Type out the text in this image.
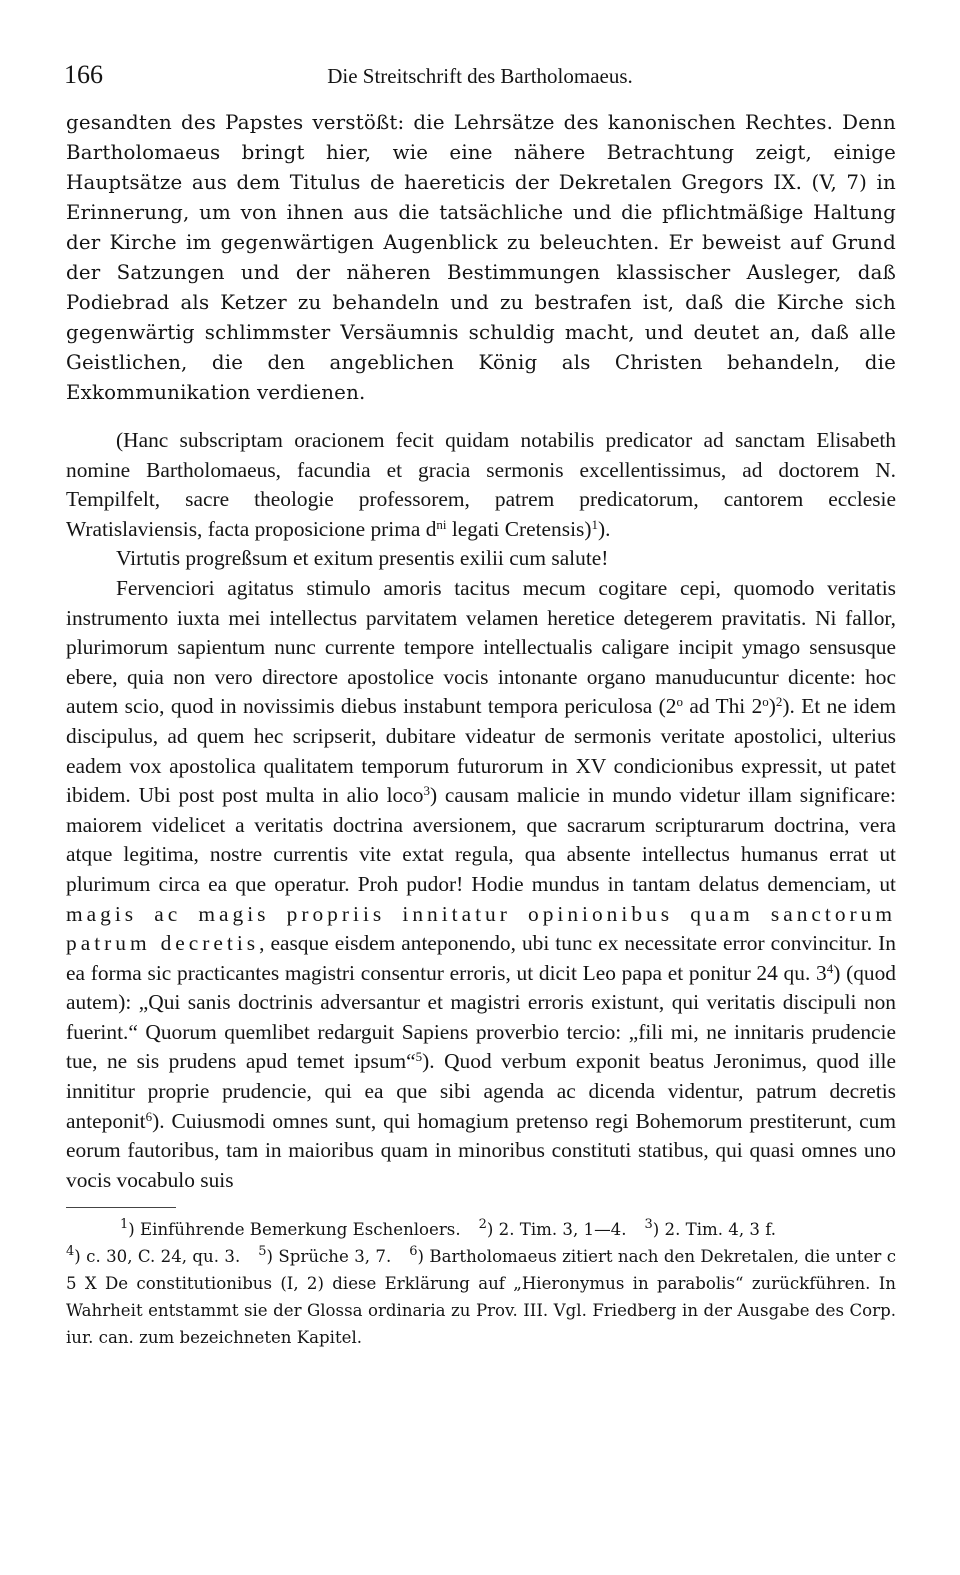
166	Die Streitschrift des Bartholomaeus.
gesandten des Papstes verstößt: die Lehrsätze des kanonischen Rechtes. Denn Bartholomaeus bringt hier, wie eine nähere Betrachtung zeigt, einige Hauptsätze aus dem Titulus de haereticis der Dekretalen Gregors IX. (V, 7) in Erinnerung, um von ihnen aus die tatsächliche und die pflichtmäßige Haltung der Kirche im gegenwärtigen Augenblick zu beleuchten. Er beweist auf Grund der Satzungen und der näheren Bestimmungen klassischer Ausleger, daß Podiebrad als Ketzer zu behandeln und zu bestrafen ist, daß die Kirche sich gegenwärtig schlimmster Versäumnis schuldig macht, und deutet an, daß alle Geistlichen, die den angeblichen König als Christen behandeln, die Exkommunikation verdienen.

(Hanc subscriptam oracionem fecit quidam notabilis predicator ad sanctam Elisabeth nomine Bartholomaeus, facundia et gracia sermonis excellentissimus, ad doctorem N. Tempilfelt, sacre theologie professorem, patrem predicatorum, cantorem ecclesie Wratislaviensis, facta proposicione prima $d^{ni}$ legati Cretensis)$^1$).

Virtutis progreßsum et exitum presentis exilii cum salute!

Fervenciori agitatus stimulo amoris tacitus mecum cogitare cepi, quomodo veritatis instrumento iuxta mei intellectus parvitatem velamen heretice detegerem pravitatis. Ni fallor, plurimorum sapientum nunc currente tempore intellectualis caligare incipit ymago sensusque ebere, quia non vero directore apostolice vocis intonante organo manuducuntur dicente: hoc autem scio, quod in novissimis diebus instabunt tempora periculosa (2$^o$ ad Thi 2$^o$)$^2$). Et ne idem discipulus, ad quem hec scripserit, dubitare videatur de sermonis veritate apostolici, ulterius eadem vox apostolica qualitatem temporum futurorum in XV condicionibus expressit, ut patet ibidem. Ubi post post multa in alio loco$^3$) causam malicie in mundo videtur illam significare: maiorem videlicet a veritatis doctrina aversionem, que sacrarum scripturarum doctrina, vera atque legitima, nostre currentis vite extat regula, qua absente intellectus humanus errat ut plurimum circa ea que operatur. Proh pudor! Hodie mundus in tantam delatus demenciam, ut magis ac magis propriis innitatur opinionibus quam sanctorum patrum decretis, easque eisdem anteponendo, ubi tunc ex necessitate error convincitur. In ea forma sic practicantes magistri consentur erroris, ut dicit Leo papa et ponitur 24 qu. $3^4$) (quod autem): „Qui sanis doctrinis adversantur et magistri erroris existunt, qui veritatis discipuli non fuerint.“ Quorum quemlibet redarguit Sapiens proverbio tercio: „fili mi, ne innitaris prudencie tue, ne sis prudens apud temet ipsum“$^5$). Quod verbum exponit beatus Jeronimus, quod ille innititur proprie prudencie, qui ea que sibi agenda ac dicenda videntur, patrum decretis anteponit$^6$). Cuiusmodi omnes sunt, qui homagium pretenso regi Bohemorum prestiterunt, cum eorum fautoribus, tam in maioribus quam in minoribus constituti statibus, qui quasi omnes uno vocis vocabulo suis

$^1$) Einführende Bemerkung Eschenloers. $^2$) 2. Tim. 3, 1—4. $^3$) 2. Tim. 4, 3 f.
$^4$) c. 30, C. 24, qu. 3. $^5$) Sprüche 3, 7. $^6$) Bartholomaeus zitiert nach den Dekretalen, die unter c 5 X De constitutionibus (I, 2) diese Erklärung auf „Hieronymus in parabolis“ zurückführen. In Wahrheit entstammt sie der Glossa ordinaria zu Prov. III. Vgl. Friedberg in der Ausgabe des Corp. iur. can. zum bezeichneten Kapitel.
